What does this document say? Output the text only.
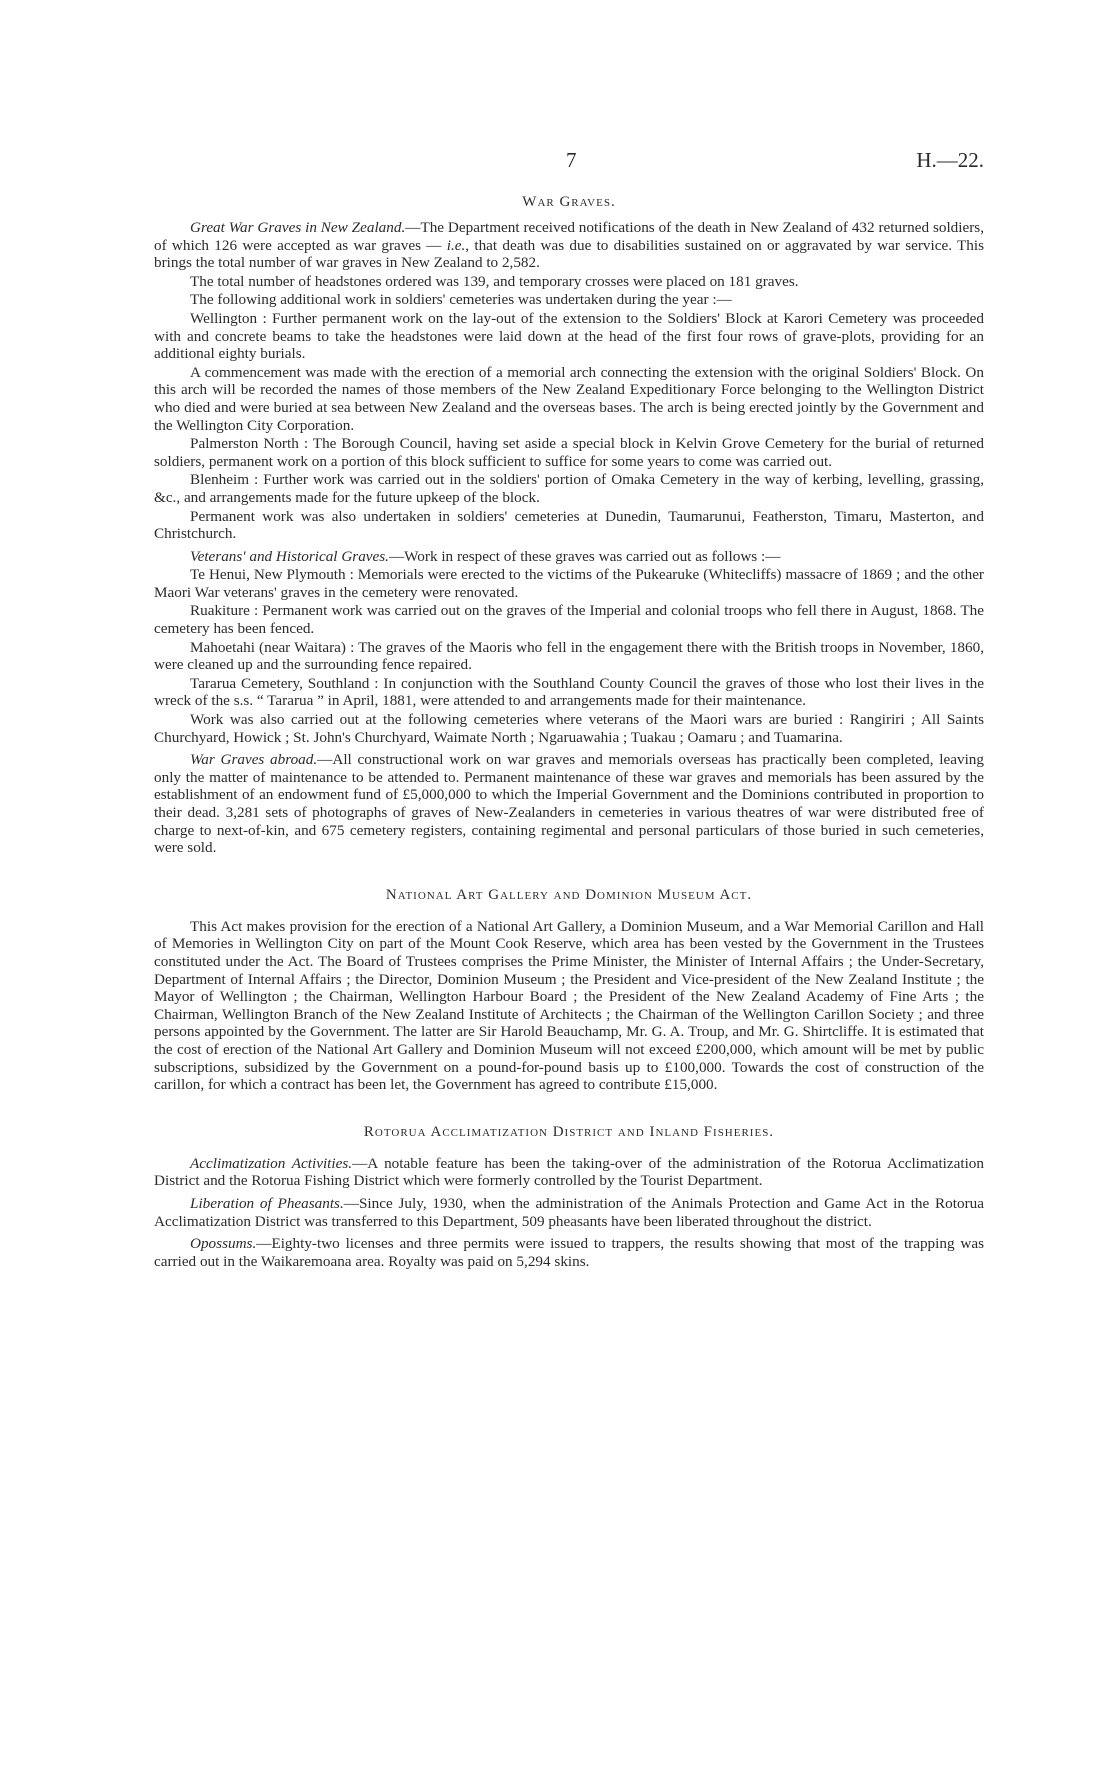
7	H.—22.
War Graves.

Great War Graves in New Zealand.—The Department received notifications of the death in New Zealand of 432 returned soldiers, of which 126 were accepted as war graves — i.e., that death was due to disabilities sustained on or aggravated by war service. This brings the total number of war graves in New Zealand to 2,582.

The total number of headstones ordered was 139, and temporary crosses were placed on 181 graves.

The following additional work in soldiers' cemeteries was undertaken during the year :—

Wellington : Further permanent work on the lay-out of the extension to the Soldiers' Block at Karori Cemetery was proceeded with and concrete beams to take the headstones were laid down at the head of the first four rows of grave-plots, providing for an additional eighty burials.

A commencement was made with the erection of a memorial arch connecting the extension with the original Soldiers' Block. On this arch will be recorded the names of those members of the New Zealand Expeditionary Force belonging to the Wellington District who died and were buried at sea between New Zealand and the overseas bases. The arch is being erected jointly by the Government and the Wellington City Corporation.

Palmerston North : The Borough Council, having set aside a special block in Kelvin Grove Cemetery for the burial of returned soldiers, permanent work on a portion of this block sufficient to suffice for some years to come was carried out.

Blenheim : Further work was carried out in the soldiers' portion of Omaka Cemetery in the way of kerbing, levelling, grassing, &c., and arrangements made for the future upkeep of the block.

Permanent work was also undertaken in soldiers' cemeteries at Dunedin, Taumarunui, Featherston, Timaru, Masterton, and Christchurch.

Veterans' and Historical Graves.—Work in respect of these graves was carried out as follows :—

Te Henui, New Plymouth : Memorials were erected to the victims of the Pukearuke (Whitecliffs) massacre of 1869 ; and the other Maori War veterans' graves in the cemetery were renovated.

Ruakiture : Permanent work was carried out on the graves of the Imperial and colonial troops who fell there in August, 1868. The cemetery has been fenced.

Mahoetahi (near Waitara) : The graves of the Maoris who fell in the engagement there with the British troops in November, 1860, were cleaned up and the surrounding fence repaired.

Tararua Cemetery, Southland : In conjunction with the Southland County Council the graves of those who lost their lives in the wreck of the s.s. “ Tararua ” in April, 1881, were attended to and arrangements made for their maintenance.

Work was also carried out at the following cemeteries where veterans of the Maori wars are buried : Rangiriri ; All Saints Churchyard, Howick ; St. John's Churchyard, Waimate North ; Ngaruawahia ; Tuakau ; Oamaru ; and Tuamarina.

War Graves abroad.—All constructional work on war graves and memorials overseas has practically been completed, leaving only the matter of maintenance to be attended to. Permanent maintenance of these war graves and memorials has been assured by the establishment of an endowment fund of £5,000,000 to which the Imperial Government and the Dominions contributed in proportion to their dead. 3,281 sets of photographs of graves of New-Zealanders in cemeteries in various theatres of war were distributed free of charge to next-of-kin, and 675 cemetery registers, containing regimental and personal particulars of those buried in such cemeteries, were sold.

National Art Gallery and Dominion Museum Act.

This Act makes provision for the erection of a National Art Gallery, a Dominion Museum, and a War Memorial Carillon and Hall of Memories in Wellington City on part of the Mount Cook Reserve, which area has been vested by the Government in the Trustees constituted under the Act. The Board of Trustees comprises the Prime Minister, the Minister of Internal Affairs ; the Under-Secretary, Department of Internal Affairs ; the Director, Dominion Museum ; the President and Vice-president of the New Zealand Institute ; the Mayor of Wellington ; the Chairman, Wellington Harbour Board ; the President of the New Zealand Academy of Fine Arts ; the Chairman, Wellington Branch of the New Zealand Institute of Architects ; the Chairman of the Wellington Carillon Society ; and three persons appointed by the Government. The latter are Sir Harold Beauchamp, Mr. G. A. Troup, and Mr. G. Shirtcliffe. It is estimated that the cost of erection of the National Art Gallery and Dominion Museum will not exceed £200,000, which amount will be met by public subscriptions, subsidized by the Government on a pound-for-pound basis up to £100,000. Towards the cost of construction of the carillon, for which a contract has been let, the Government has agreed to contribute £15,000.

Rotorua Acclimatization District and Inland Fisheries.

Acclimatization Activities.—A notable feature has been the taking-over of the administration of the Rotorua Acclimatization District and the Rotorua Fishing District which were formerly controlled by the Tourist Department.

Liberation of Pheasants.—Since July, 1930, when the administration of the Animals Protection and Game Act in the Rotorua Acclimatization District was transferred to this Department, 509 pheasants have been liberated throughout the district.

Opossums.—Eighty-two licenses and three permits were issued to trappers, the results showing that most of the trapping was carried out in the Waikaremoana area. Royalty was paid on 5,294 skins.
